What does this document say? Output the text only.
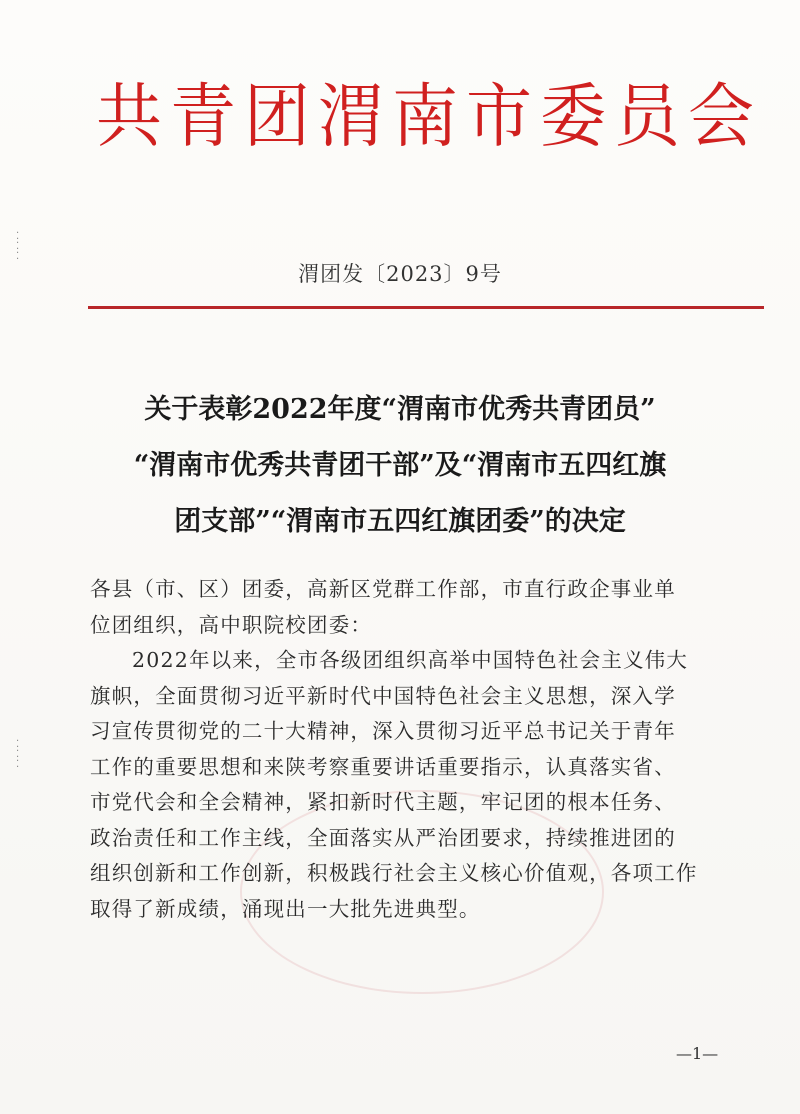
⁚
⁚
⁚
⁚
⁚
⁚
共青团渭南市委员会
渭团发〔2023〕9号
关于表彰2022年度“渭南市优秀共青团员”
“渭南市优秀共青团干部”及“渭南市五四红旗
团支部”“渭南市五四红旗团委”的决定
各县（市、区）团委，高新区党群工作部，市直行政企事业单
位团组织，高中职院校团委：
2022年以来，全市各级团组织高举中国特色社会主义伟大
旗帜，全面贯彻习近平新时代中国特色社会主义思想，深入学
习宣传贯彻党的二十大精神，深入贯彻习近平总书记关于青年
工作的重要思想和来陕考察重要讲话重要指示，认真落实省、
市党代会和全会精神，紧扣新时代主题，牢记团的根本任务、
政治责任和工作主线，全面落实从严治团要求，持续推进团的
组织创新和工作创新，积极践行社会主义核心价值观，各项工作
取得了新成绩，涌现出一大批先进典型。
—1—
